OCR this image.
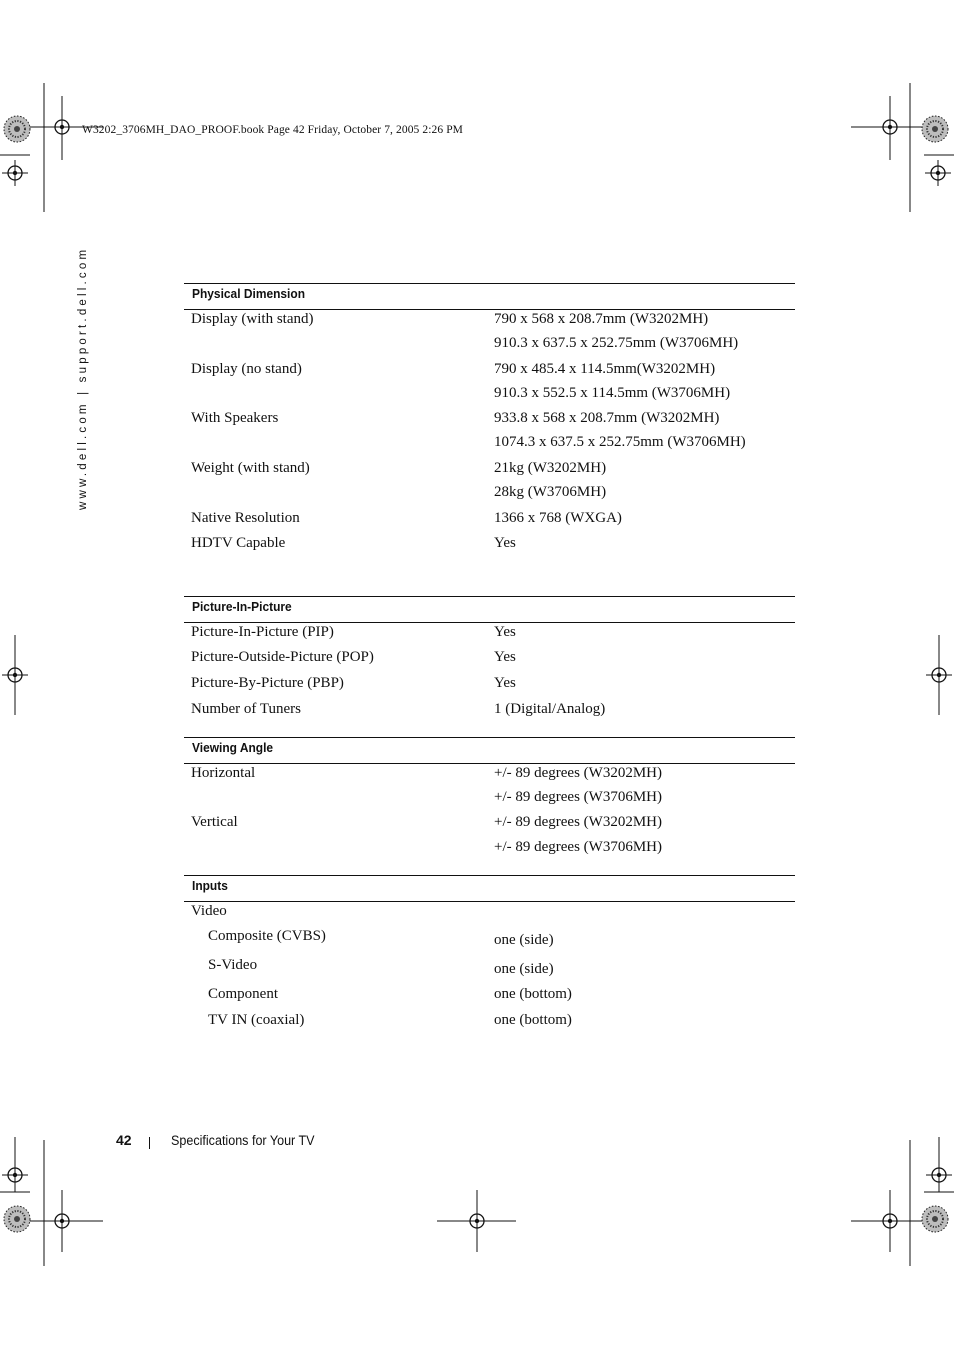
W3202_3706MH_DAO_PROOF.book Page 42 Friday, October 7, 2005 2:26 PM
www.dell.com | support.dell.com	Physical Dimension
Display (with stand)	790 x 568 x 208.7mm (W3202MH)
910.3 x 637.5 x 252.75mm (W3706MH)
Display (no stand)	790 x 485.4 x 114.5mm(W3202MH)
910.3 x 552.5 x 114.5mm (W3706MH)
With Speakers	933.8 x 568 x 208.7mm (W3202MH)
1074.3 x 637.5 x 252.75mm (W3706MH)
Weight (with stand)	21kg (W3202MH)
28kg (W3706MH)
Native Resolution	1366 x 768 (WXGA)
HDTV Capable	Yes
Picture-In-Picture
Picture-In-Picture (PIP)	Yes
Picture-Outside-Picture (POP)	Yes
Picture-By-Picture (PBP)	Yes
Number of Tuners	1 (Digital/Analog)
Viewing Angle
Horizontal	+/- 89 degrees (W3202MH)
+/- 89 degrees (W3706MH)
Vertical	+/- 89 degrees (W3202MH)
+/- 89 degrees (W3706MH)
Inputs
Video
Composite (CVBS)	one (side)
S-Video	one (side)
Component	one (bottom)
TV IN (coaxial)	one (bottom)
42	Specifications for Your TV
